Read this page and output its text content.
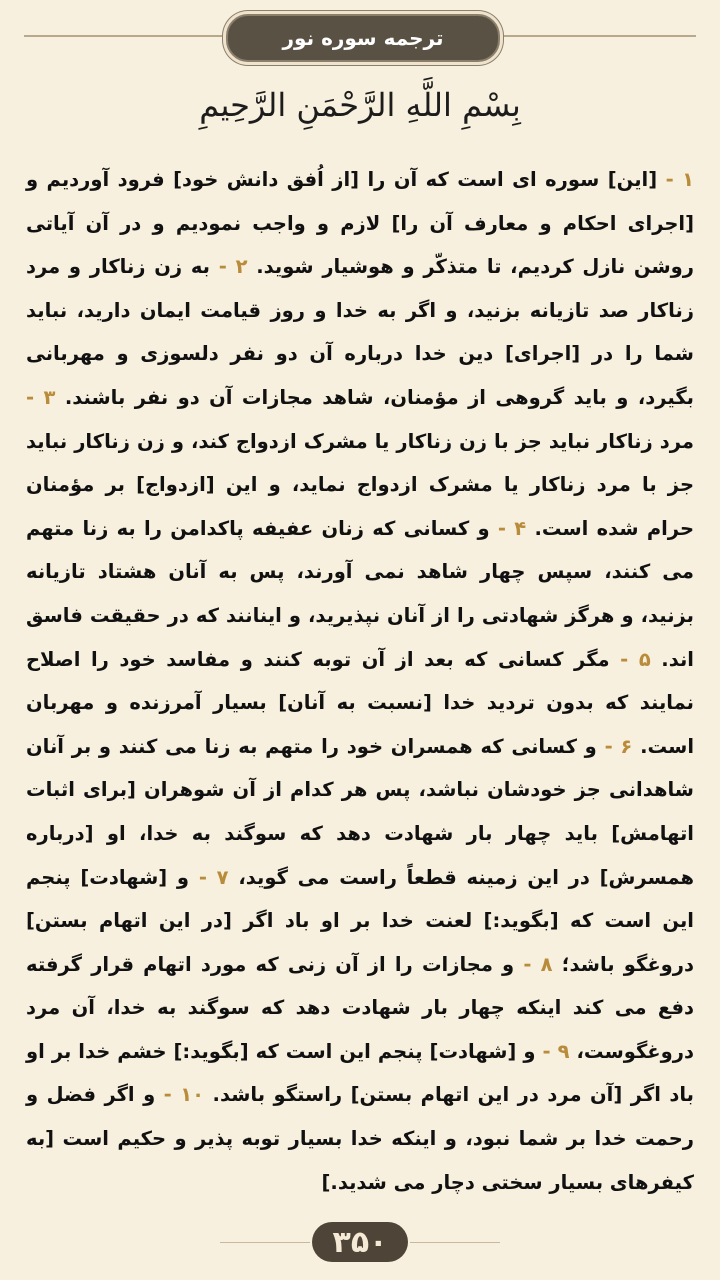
ترجمه سوره نور
بِسْمِ اللَّهِ الرَّحْمَنِ الرَّحِيمِ
۱ - [این] سوره ای است که آن را [از اُفق دانش خود] فرود آوردیم و [اجرای احکام و معارف آن را] لازم و واجب نمودیم و در آن آیاتی روشن نازل کردیم، تا متذکّر و هوشیار شوید. ۲ - به زن زناکار و مرد زناکار صد تازیانه بزنید، و اگر به خدا و روز قیامت ایمان دارید، نباید شما را در [اجرای] دین خدا درباره آن دو نفر دلسوزی و مهربانی بگیرد، و باید گروهی از مؤمنان، شاهد مجازات آن دو نفر باشند. ۳ - مرد زناکار نباید جز با زن زناکار یا مشرک ازدواج کند، و زن زناکار نباید جز با مرد زناکار یا مشرک ازدواج نماید، و این [ازدواج] بر مؤمنان حرام شده است. ۴ - و کسانی که زنان عفیفه پاکدامن را به زنا متهم می کنند، سپس چهار شاهد نمی آورند، پس به آنان هشتاد تازیانه بزنید، و هرگز شهادتی را از آنان نپذیرید، و اینانند که در حقیقت فاسق اند. ۵ - مگر کسانی که بعد از آن توبه کنند و مفاسد خود را اصلاح نمایند که بدون تردید خدا [نسبت به آنان] بسیار آمرزنده و مهربان است. ۶ - و کسانی که همسران خود را متهم به زنا می کنند و بر آنان شاهدانی جز خودشان نباشد، پس هر کدام از آن شوهران [برای اثبات اتهامش] باید چهار بار شهادت دهد که سوگند به خدا، او [درباره همسرش] در این زمینه قطعاً راست می گوید، ۷ - و [شهادت] پنجم این است که [بگوید:] لعنت خدا بر او باد اگر [در این اتهام بستن] دروغگو باشد؛ ۸ - و مجازات را از آن زنی که مورد اتهام قرار گرفته دفع می کند اینکه چهار بار شهادت دهد که سوگند به خدا، آن مرد دروغگوست، ۹ - و [شهادت] پنجم این است که [بگوید:] خشم خدا بر او باد اگر [آن مرد در این اتهام بستن] راستگو باشد. ۱۰ - و اگر فضل و رحمت خدا بر شما نبود، و اینکه خدا بسیار توبه پذیر و حکیم است [به کیفرهای بسیار سختی دچار می شدید.]
۳۵۰
